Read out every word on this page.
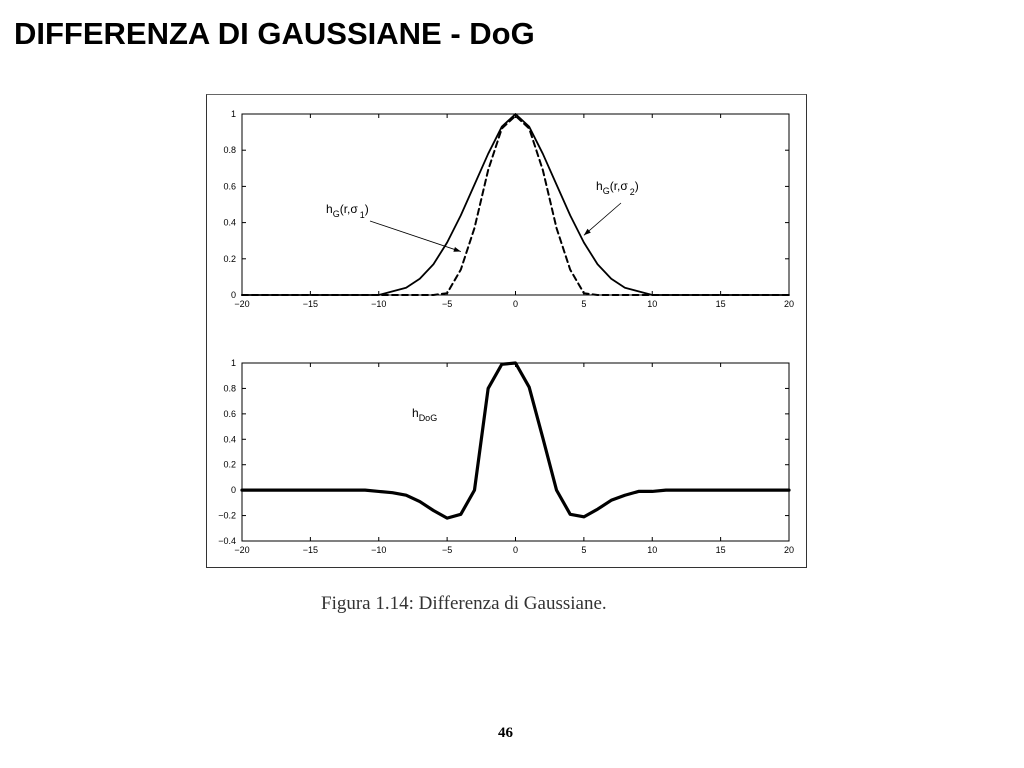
DIFFERENZA DI GAUSSIANE - DoG
−20	−15	−10	−5	0	5	10	15	20
0
0.2
0.4
0.6
0.8
1
$h_G(r,\sigma$ $_1$)
$h_G(r,\sigma$ $_2$)
−20	−15	−10	−5	0	5	10	15	20
−0.4
−0.2
0
0.2
0.4
0.6
0.8
1
$h_{DoG}$
Figura 1.14: Differenza di Gaussiane.
46
